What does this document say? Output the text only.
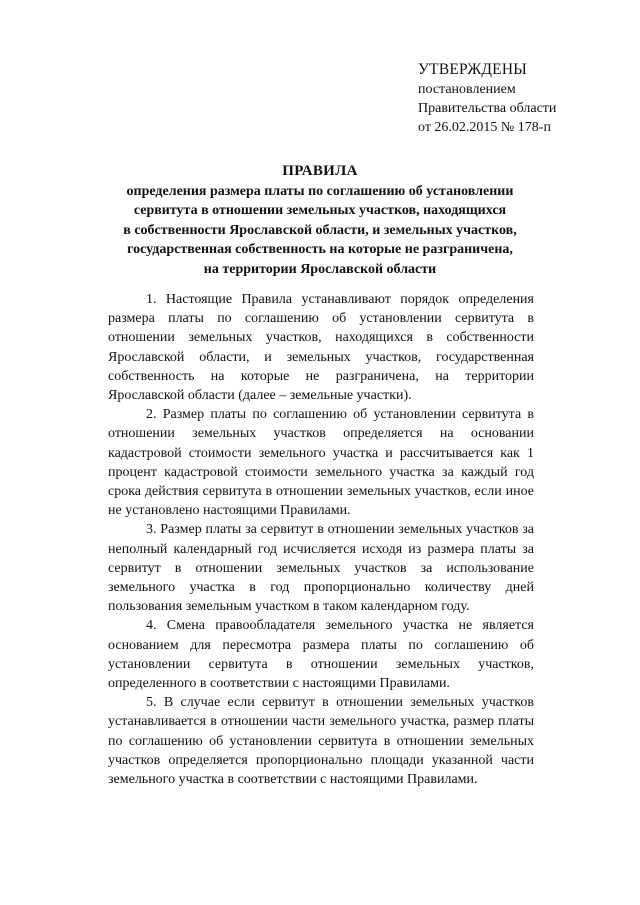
УТВЕРЖДЕНЫ
постановлением
Правительства области
от 26.02.2015 № 178-п
ПРАВИЛА
определения размера платы по соглашению об установлении
сервитута в отношении земельных участков, находящихся
в собственности Ярославской области, и земельных участков,
государственная собственность на которые не разграничена,
на территории Ярославской области

1. Настоящие Правила устанавливают порядок определения размера платы по соглашению об установлении сервитута в отношении земельных участков, находящихся в собственности Ярославской области, и земельных участков, государственная собственность на которые не разграничена, на территории Ярославской области (далее – земельные участки).

2. Размер платы по соглашению об установлении сервитута в отношении земельных участков определяется на основании кадастровой стоимости земельного участка и рассчитывается как 1 процент кадастровой стоимости земельного участка за каждый год срока действия сервитута в отношении земельных участков, если иное не установлено настоящими Правилами.

3. Размер платы за сервитут в отношении земельных участков за неполный календарный год исчисляется исходя из размера платы за сервитут в отношении земельных участков за использование земельного участка в год пропорционально количеству дней пользования земельным участком в таком календарном году.

4. Смена правообладателя земельного участка не является основанием для пересмотра размера платы по соглашению об установлении сервитута в отношении земельных участков, определенного в соответствии с настоящими Правилами.

5. В случае если сервитут в отношении земельных участков устанавливается в отношении части земельного участка, размер платы по соглашению об установлении сервитута в отношении земельных участков определяется пропорционально площади указанной части земельного участка в соответствии с настоящими Правилами.
